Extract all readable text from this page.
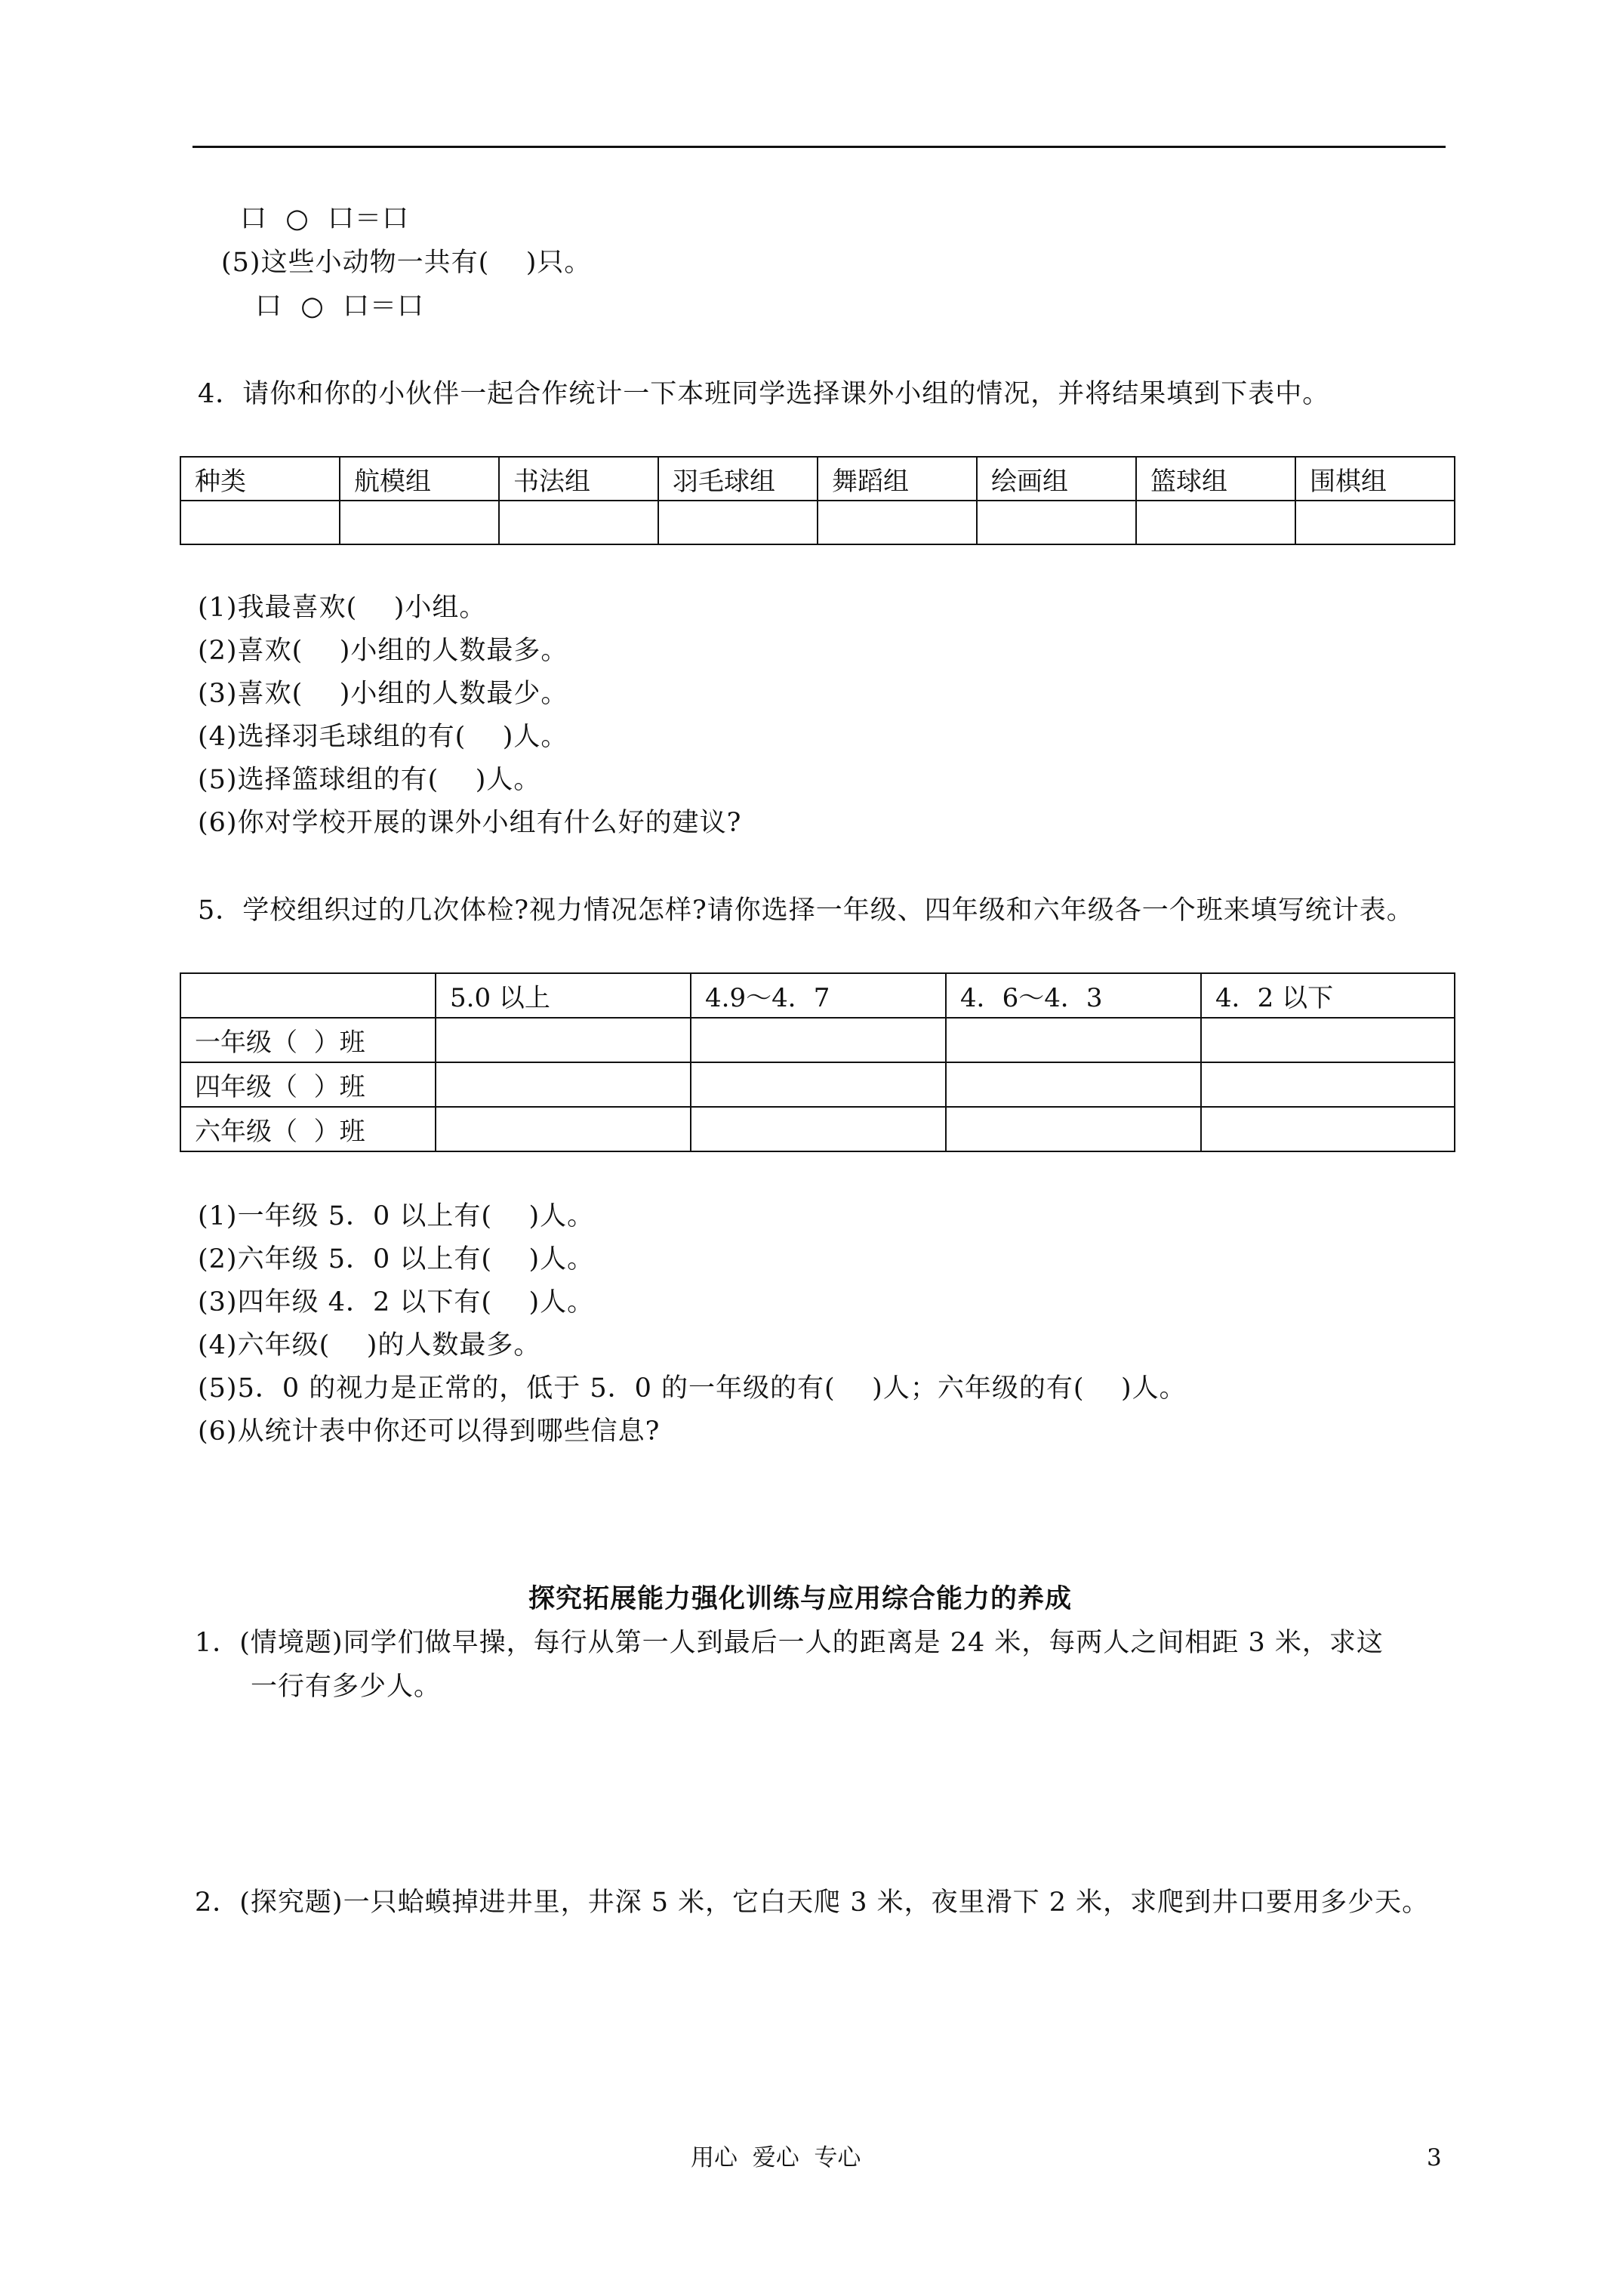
口  ○  口＝口
(5)这些小动物一共有(    )只。
口  ○  口＝口
4．请你和你的小伙伴一起合作统计一下本班同学选择课外小组的情况，并将结果填到下表中。
种类	航模组	书法组	羽毛球组	舞蹈组	绘画组	篮球组	围棋组

(1)我最喜欢(    )小组。
(2)喜欢(    )小组的人数最多。
(3)喜欢(    )小组的人数最少。
(4)选择羽毛球组的有(    )人。
(5)选择篮球组的有(    )人。
(6)你对学校开展的课外小组有什么好的建议?
5．学校组织过的几次体检?视力情况怎样?请你选择一年级、四年级和六年级各一个班来填写统计表。
	5.0 以上	4.9～4．7	4．6～4．3	4．2 以下
一年级（  ）班				
四年级（  ）班				
六年级（  ）班				
(1)一年级 5．0 以上有(    )人。
(2)六年级 5．0 以上有(    )人。
(3)四年级 4．2 以下有(    )人。
(4)六年级(    )的人数最多。
(5)5．0 的视力是正常的，低于 5．0 的一年级的有(    )人；六年级的有(    )人。
(6)从统计表中你还可以得到哪些信息?
探究拓展能力强化训练与应用综合能力的养成
1．(情境题)同学们做早操，每行从第一人到最后一人的距离是 24 米，每两人之间相距 3 米，求这
一行有多少人。
2．(探究题)一只蛤蟆掉进井里，井深 5 米，它白天爬 3 米，夜里滑下 2 米，求爬到井口要用多少天。
用心  爱心  专心	3
